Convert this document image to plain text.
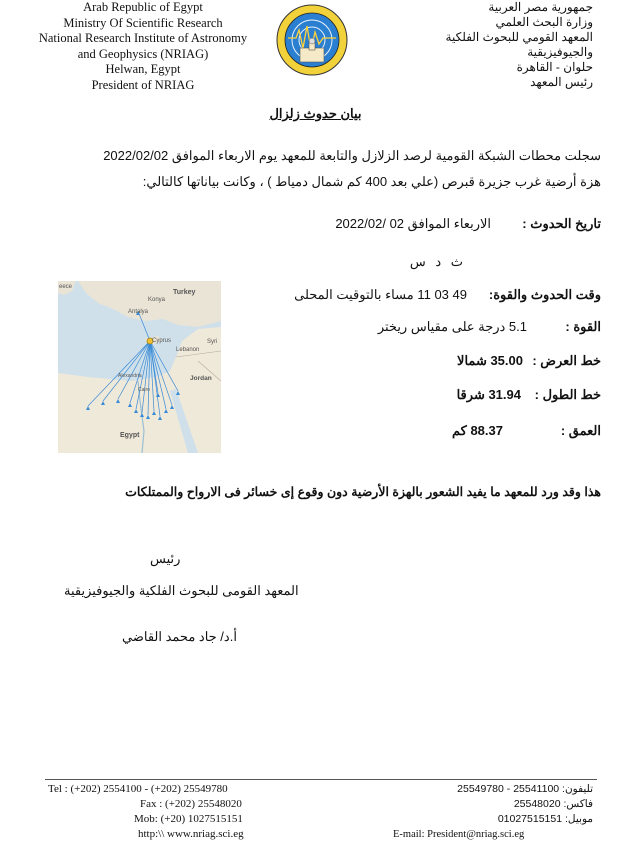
Arab Republic of Egypt
Ministry Of Scientific Research
National Research Institute of Astronomy
and Geophysics (NRIAG)
Helwan, Egypt
President of NRIAG
جمهورية مصر العربية
وزارة البحث العلمي
المعهد القومي للبحوث الفلكية والجيوفيزيقية
حلوان - القاهرة
رئيس المعهد
بيان حدوث زلزال
سجلت محطات الشبكة القومية لرصد الزلازل والتابعة للمعهد يوم الاربعاء الموافق 2022/02/02
هزة أرضية غرب جزيرة قبرص (علي بعد 400 كم شمال دمياط ) ، وكانت بياناتها كالتالي:
تاريخ الحدوث :
الاربعاء الموافق 02 /2022/02
ث د س
وقت الحدوث والقوة:
49 03 11 مساء بالتوقيت المحلى
القوة :
5.1 درجة على مقياس ريختر
خط العرض :
35.00 شمالا
خط الطول :
31.94 شرقا
العمق :
88.37 كم
eece
Turkey
Konya
Antalya
Cyprus
Lebanon
Syri
Jordan
Alexandria
Cairo
Egypt
هذا وقد ورد للمعهد ما يفيد الشعور بالهزة الأرضية دون وقوع إى خسائر فى الارواح والممتلكات
رئيس
المعهد القومى للبحوث الفلكية والجيوفيزيقية
أ.د/ جاد محمد القاضي
Tel : (+202) 2554100 - (+202) 25549780
Fax : (+202) 25548020
Mob: (+20) 1027515151
http:\\ www.nriag.sci.eg
تليفون: 25541100 - 25549780
فاكس: 25548020
موبيل: 01027515151
E-mail: President@nriag.sci.eg
